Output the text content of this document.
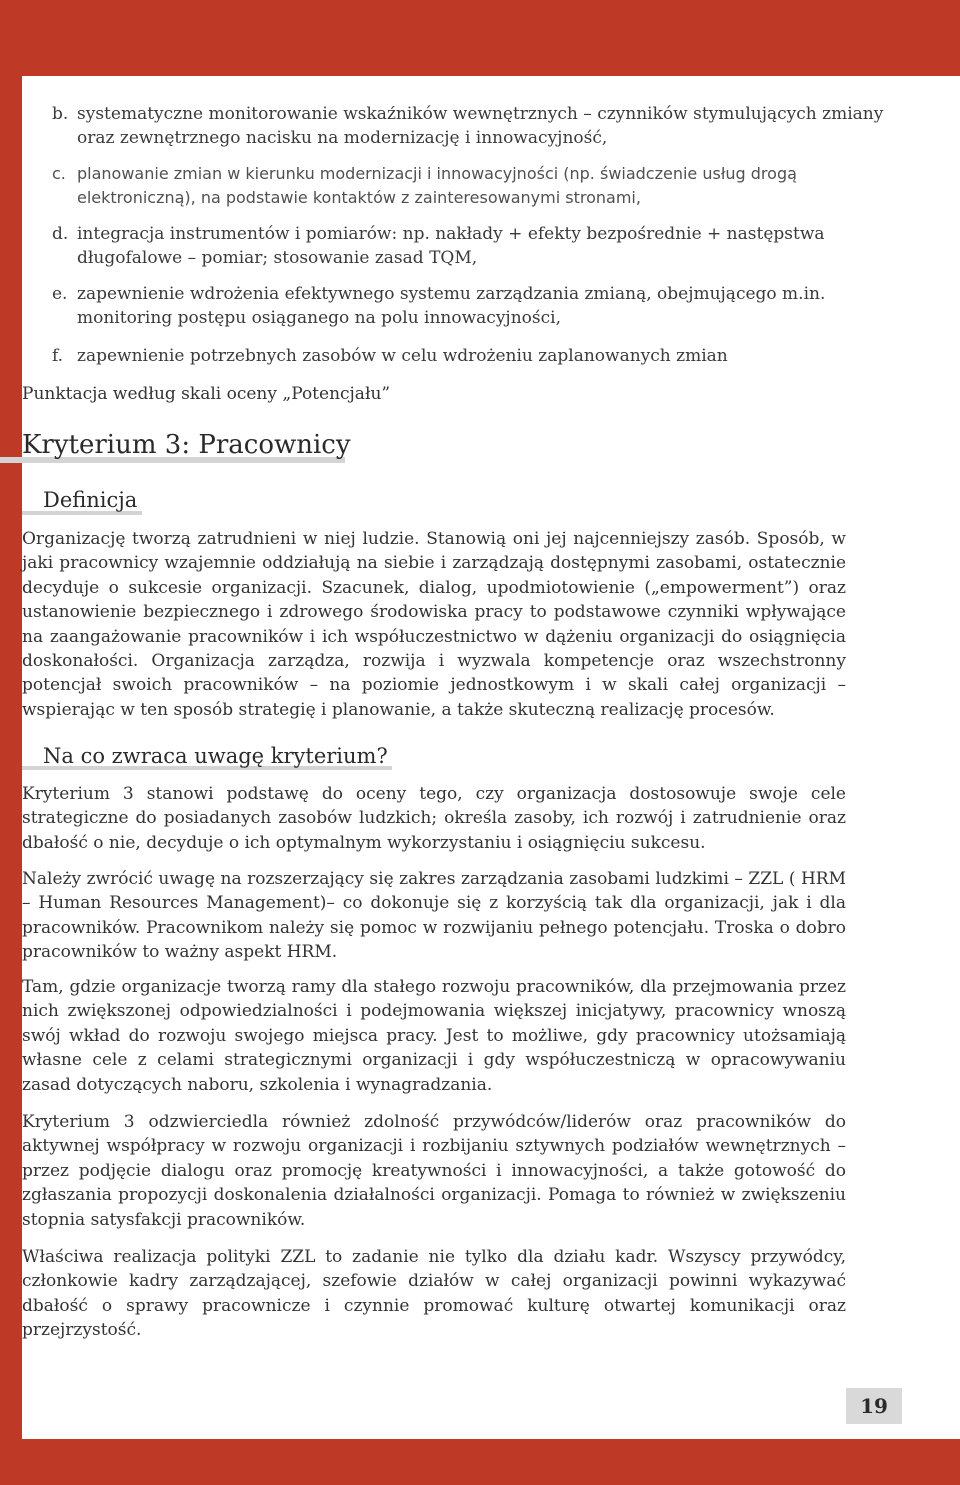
b. systematyczne monitorowanie wskaźników wewnętrznych – czynników stymulujących zmiany oraz zewnętrznego nacisku na modernizację i innowacyjność,
c. planowanie zmian w kierunku modernizacji i innowacyjności (np. świadczenie usług drogą elektroniczną), na podstawie kontaktów z zainteresowanymi stronami,
d. integracja instrumentów i pomiarów: np. nakłady + efekty bezpośrednie + następstwa długofalowe – pomiar; stosowanie zasad TQM,
e. zapewnienie wdrożenia efektywnego systemu zarządzania zmianą, obejmującego m.in. monitoring postępu osiąganego na polu innowacyjności,
f. zapewnienie potrzebnych zasobów w celu wdrożeniu zaplanowanych zmian
Punktacja według skali oceny „Potencjału”
Kryterium 3: Pracownicy
Definicja
Organizację tworzą zatrudnieni w niej ludzie. Stanowią oni jej najcenniejszy zasób. Sposób, w jaki pracownicy wzajemnie oddziałują na siebie i zarządzają dostępnymi zasobami, ostatecznie decyduje o sukcesie organizacji. Szacunek, dialog, upodmiotowienie („empowerment”) oraz ustanowienie bezpiecznego i zdrowego środowiska pracy to podstawowe czynniki wpływające na zaangażowanie pracowników i ich współuczestnictwo w dążeniu organizacji do osiągnięcia doskonałości. Organizacja zarządza, rozwija i wyzwala kompetencje oraz wszechstronny potencjał swoich pracowników – na poziomie jednostkowym i w skali całej organizacji – wspierając w ten sposób strategię i planowanie, a także skuteczną realizację procesów.
Na co zwraca uwagę kryterium?
Kryterium 3 stanowi podstawę do oceny tego, czy organizacja dostosowuje swoje cele strategiczne do posiadanych zasobów ludzkich; określa zasoby, ich rozwój i zatrudnienie oraz dbałość o nie, decyduje o ich optymalnym wykorzystaniu i osiągnięciu sukcesu.
Należy zwrócić uwagę na rozszerzający się zakres zarządzania zasobami ludzkimi – ZZL ( HRM – Human Resources Management)– co dokonuje się z korzyścią tak dla organizacji, jak i dla pracowników. Pracownikom należy się pomoc w rozwijaniu pełnego potencjału. Troska o dobro pracowników to ważny aspekt HRM.
Tam, gdzie organizacje tworzą ramy dla stałego rozwoju pracowników, dla przejmowania przez nich zwiększonej odpowiedzialności i podejmowania większej inicjatywy, pracownicy wnoszą swój wkład do rozwoju swojego miejsca pracy. Jest to możliwe, gdy pracownicy utożsamiają własne cele z celami strategicznymi organizacji i gdy współuczestniczą w opracowywaniu zasad dotyczących naboru, szkolenia i wynagradzania.
Kryterium 3 odzwierciedla również zdolność przywódców/liderów oraz pracowników do aktywnej współpracy w rozwoju organizacji i rozbijaniu sztywnych podziałów wewnętrznych – przez podjęcie dialogu oraz promocję kreatywności i innowacyjności, a także gotowość do zgłaszania propozycji doskonalenia działalności organizacji. Pomaga to również w zwiększeniu stopnia satysfakcji pracowników.
Właściwa realizacja polityki ZZL to zadanie nie tylko dla działu kadr. Wszyscy przywódcy, członkowie kadry zarządzającej, szefowie działów w całej organizacji powinni wykazywać dbałość o sprawy pracownicze i czynnie promować kulturę otwartej komunikacji oraz przejrzystość.
19
